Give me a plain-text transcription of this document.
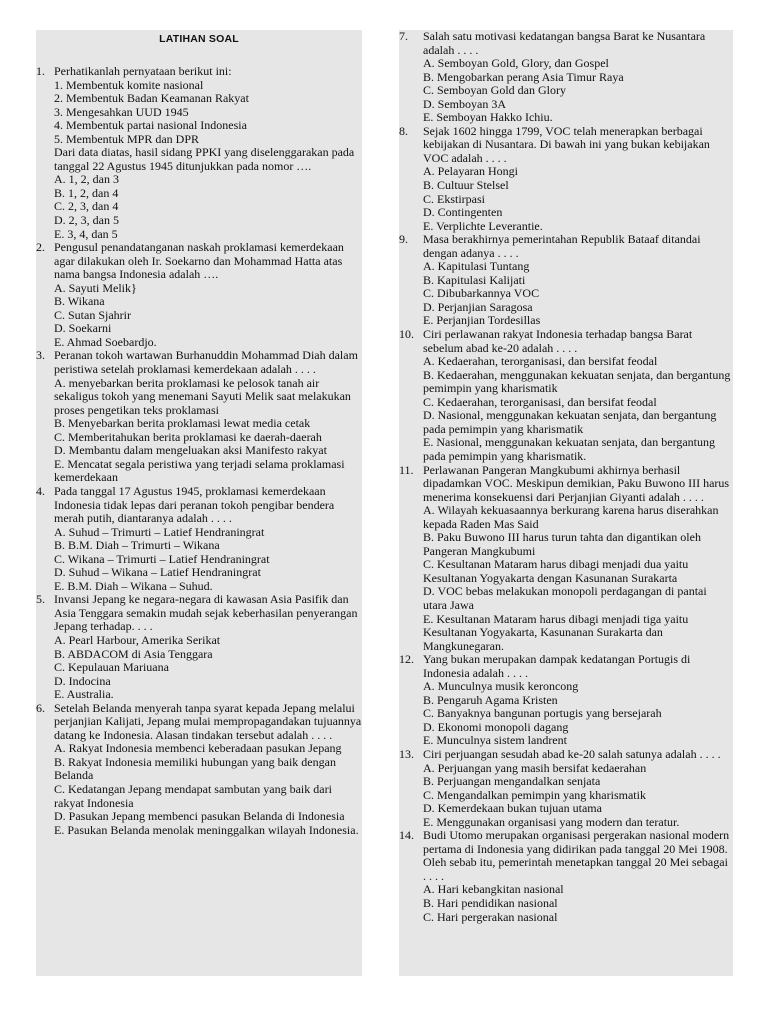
LATIHAN SOAL
1. Perhatikanlah pernyataan berikut ini:
1. Membentuk komite nasional
2. Membentuk Badan Keamanan Rakyat
3. Mengesahkan UUD 1945
4. Membentuk partai nasional Indonesia
5. Membentuk MPR dan DPR
Dari data diatas, hasil sidang PPKI yang diselenggarakan pada tanggal 22 Agustus 1945 ditunjukkan pada nomor ….
A. 1, 2, dan 3
B. 1, 2, dan 4
C. 2, 3, dan 4
D. 2, 3, dan 5
E. 3, 4, dan 5
2. Pengusul penandatanganan naskah proklamasi kemerdekaan agar dilakukan oleh Ir. Soekarno dan Mohammad Hatta atas nama bangsa Indonesia adalah ….
A. Sayuti Melik}
B. Wikana
C. Sutan Sjahrir
D. Soekarni
E. Ahmad Soebardjo.
3. Peranan tokoh wartawan Burhanuddin Mohammad Diah dalam peristiwa setelah proklamasi kemerdekaan adalah . . . .
A. menyebarkan berita proklamasi ke pelosok tanah air sekaligus tokoh yang menemani Sayuti Melik saat melakukan proses pengetikan teks proklamasi
B. Menyebarkan berita proklamasi lewat media cetak
C. Memberitahukan berita proklamasi ke daerah-daerah
D. Membantu dalam mengeluakan aksi Manifesto rakyat
E. Mencatat segala peristiwa yang terjadi selama proklamasi kemerdekaan
4. Pada tanggal 17 Agustus 1945, proklamasi kemerdekaan Indonesia tidak lepas dari peranan tokoh pengibar bendera merah putih, diantaranya adalah . . . .
A. Suhud – Trimurti – Latief Hendraningrat
B. B.M. Diah – Trimurti – Wikana
C. Wikana – Trimurti – Latief Hendraningrat
D. Suhud – Wikana – Latief Hendraningrat
E. B.M. Diah – Wikana – Suhud.
5. Invansi Jepang ke negara-negara di kawasan Asia Pasifik dan Asia Tenggara semakin mudah sejak keberhasilan penyerangan Jepang terhadap. . . .
A. Pearl Harbour, Amerika Serikat
B. ABDACOM di Asia Tenggara
C. Kepulauan Mariuana
D. Indocina
E. Australia.
6. Setelah Belanda menyerah tanpa syarat kepada Jepang melalui perjanjian Kalijati, Jepang mulai mempropagandakan tujuannya datang ke Indonesia. Alasan tindakan tersebut adalah . . . .
A. Rakyat Indonesia membenci keberadaan pasukan Jepang
B. Rakyat Indonesia memiliki hubungan yang baik dengan Belanda
C. Kedatangan Jepang mendapat sambutan yang baik dari rakyat Indonesia
D. Pasukan Jepang membenci pasukan Belanda di Indonesia
E. Pasukan Belanda menolak meninggalkan wilayah Indonesia.
7.	Salah satu motivasi kedatangan bangsa Barat ke Nusantara adalah . . . .
A. Semboyan Gold, Glory, dan Gospel
B. Mengobarkan perang Asia Timur Raya
C. Semboyan Gold dan Glory
D. Semboyan 3A
E. Semboyan Hakko Ichiu.
8.	Sejak 1602 hingga 1799, VOC telah menerapkan berbagai kebijakan di Nusantara. Di bawah ini yang bukan kebijakan VOC adalah . . . .
A. Pelayaran Hongi
B. Cultuur Stelsel
C. Ekstirpasi
D. Contingenten
E. Verplichte Leverantie.
9.	Masa berakhirnya pemerintahan Republik Bataaf ditandai dengan adanya . . . .
A. Kapitulasi Tuntang
B. Kapitulasi Kalijati
C. Dibubarkannya VOC
D. Perjanjian Saragosa
E. Perjanjian Tordesillas
10. Ciri perlawanan rakyat Indonesia terhadap bangsa Barat sebelum abad ke-20 adalah . . . .
A. Kedaerahan, terorganisasi, dan bersifat feodal
B. Kedaerahan, menggunakan kekuatan senjata, dan bergantung pemimpin yang kharismatik
C. Kedaerahan, terorganisasi, dan bersifat feodal
D. Nasional, menggunakan kekuatan senjata, dan bergantung pada pemimpin yang kharismatik
E. Nasional, menggunakan kekuatan senjata, dan bergantung pada pemimpin yang kharismatik.
11. Perlawanan Pangeran Mangkubumi akhirnya berhasil dipadamkan VOC. Meskipun demikian, Paku Buwono III harus menerima konsekuensi dari Perjanjian Giyanti adalah . . . .
A. Wilayah kekuasaannya berkurang karena harus diserahkan kepada Raden Mas Said
B. Paku Buwono III harus turun tahta dan digantikan oleh Pangeran Mangkubumi
C. Kesultanan Mataram harus dibagi menjadi dua yaitu Kesultanan Yogyakarta dengan Kasunanan Surakarta
D. VOC bebas melakukan monopoli perdagangan di pantai utara Jawa
E. Kesultanan Mataram harus dibagi menjadi tiga yaitu Kesultanan Yogyakarta, Kasunanan Surakarta dan Mangkunegaran.
12. Yang bukan merupakan dampak kedatangan Portugis di Indonesia adalah . . . .
A. Munculnya musik keroncong
B. Pengaruh Agama Kristen
C. Banyaknya bangunan portugis yang bersejarah
D. Ekonomi monopoli dagang
E. Munculnya sistem landrent
13. Ciri perjuangan sesudah abad ke-20 salah satunya adalah . . . .
A. Perjuangan yang masih bersifat kedaerahan
B. Perjuangan mengandalkan senjata
C. Mengandalkan pemimpin yang kharismatik
D. Kemerdekaan bukan tujuan utama
E. Menggunakan organisasi yang modern dan teratur.
14. Budi Utomo merupakan organisasi pergerakan nasional modern pertama di Indonesia yang didirikan pada tanggal 20 Mei 1908. Oleh sebab itu, pemerintah menetapkan tanggal 20 Mei sebagai . . . .
A. Hari kebangkitan nasional
B. Hari pendidikan nasional
C. Hari pergerakan nasional
